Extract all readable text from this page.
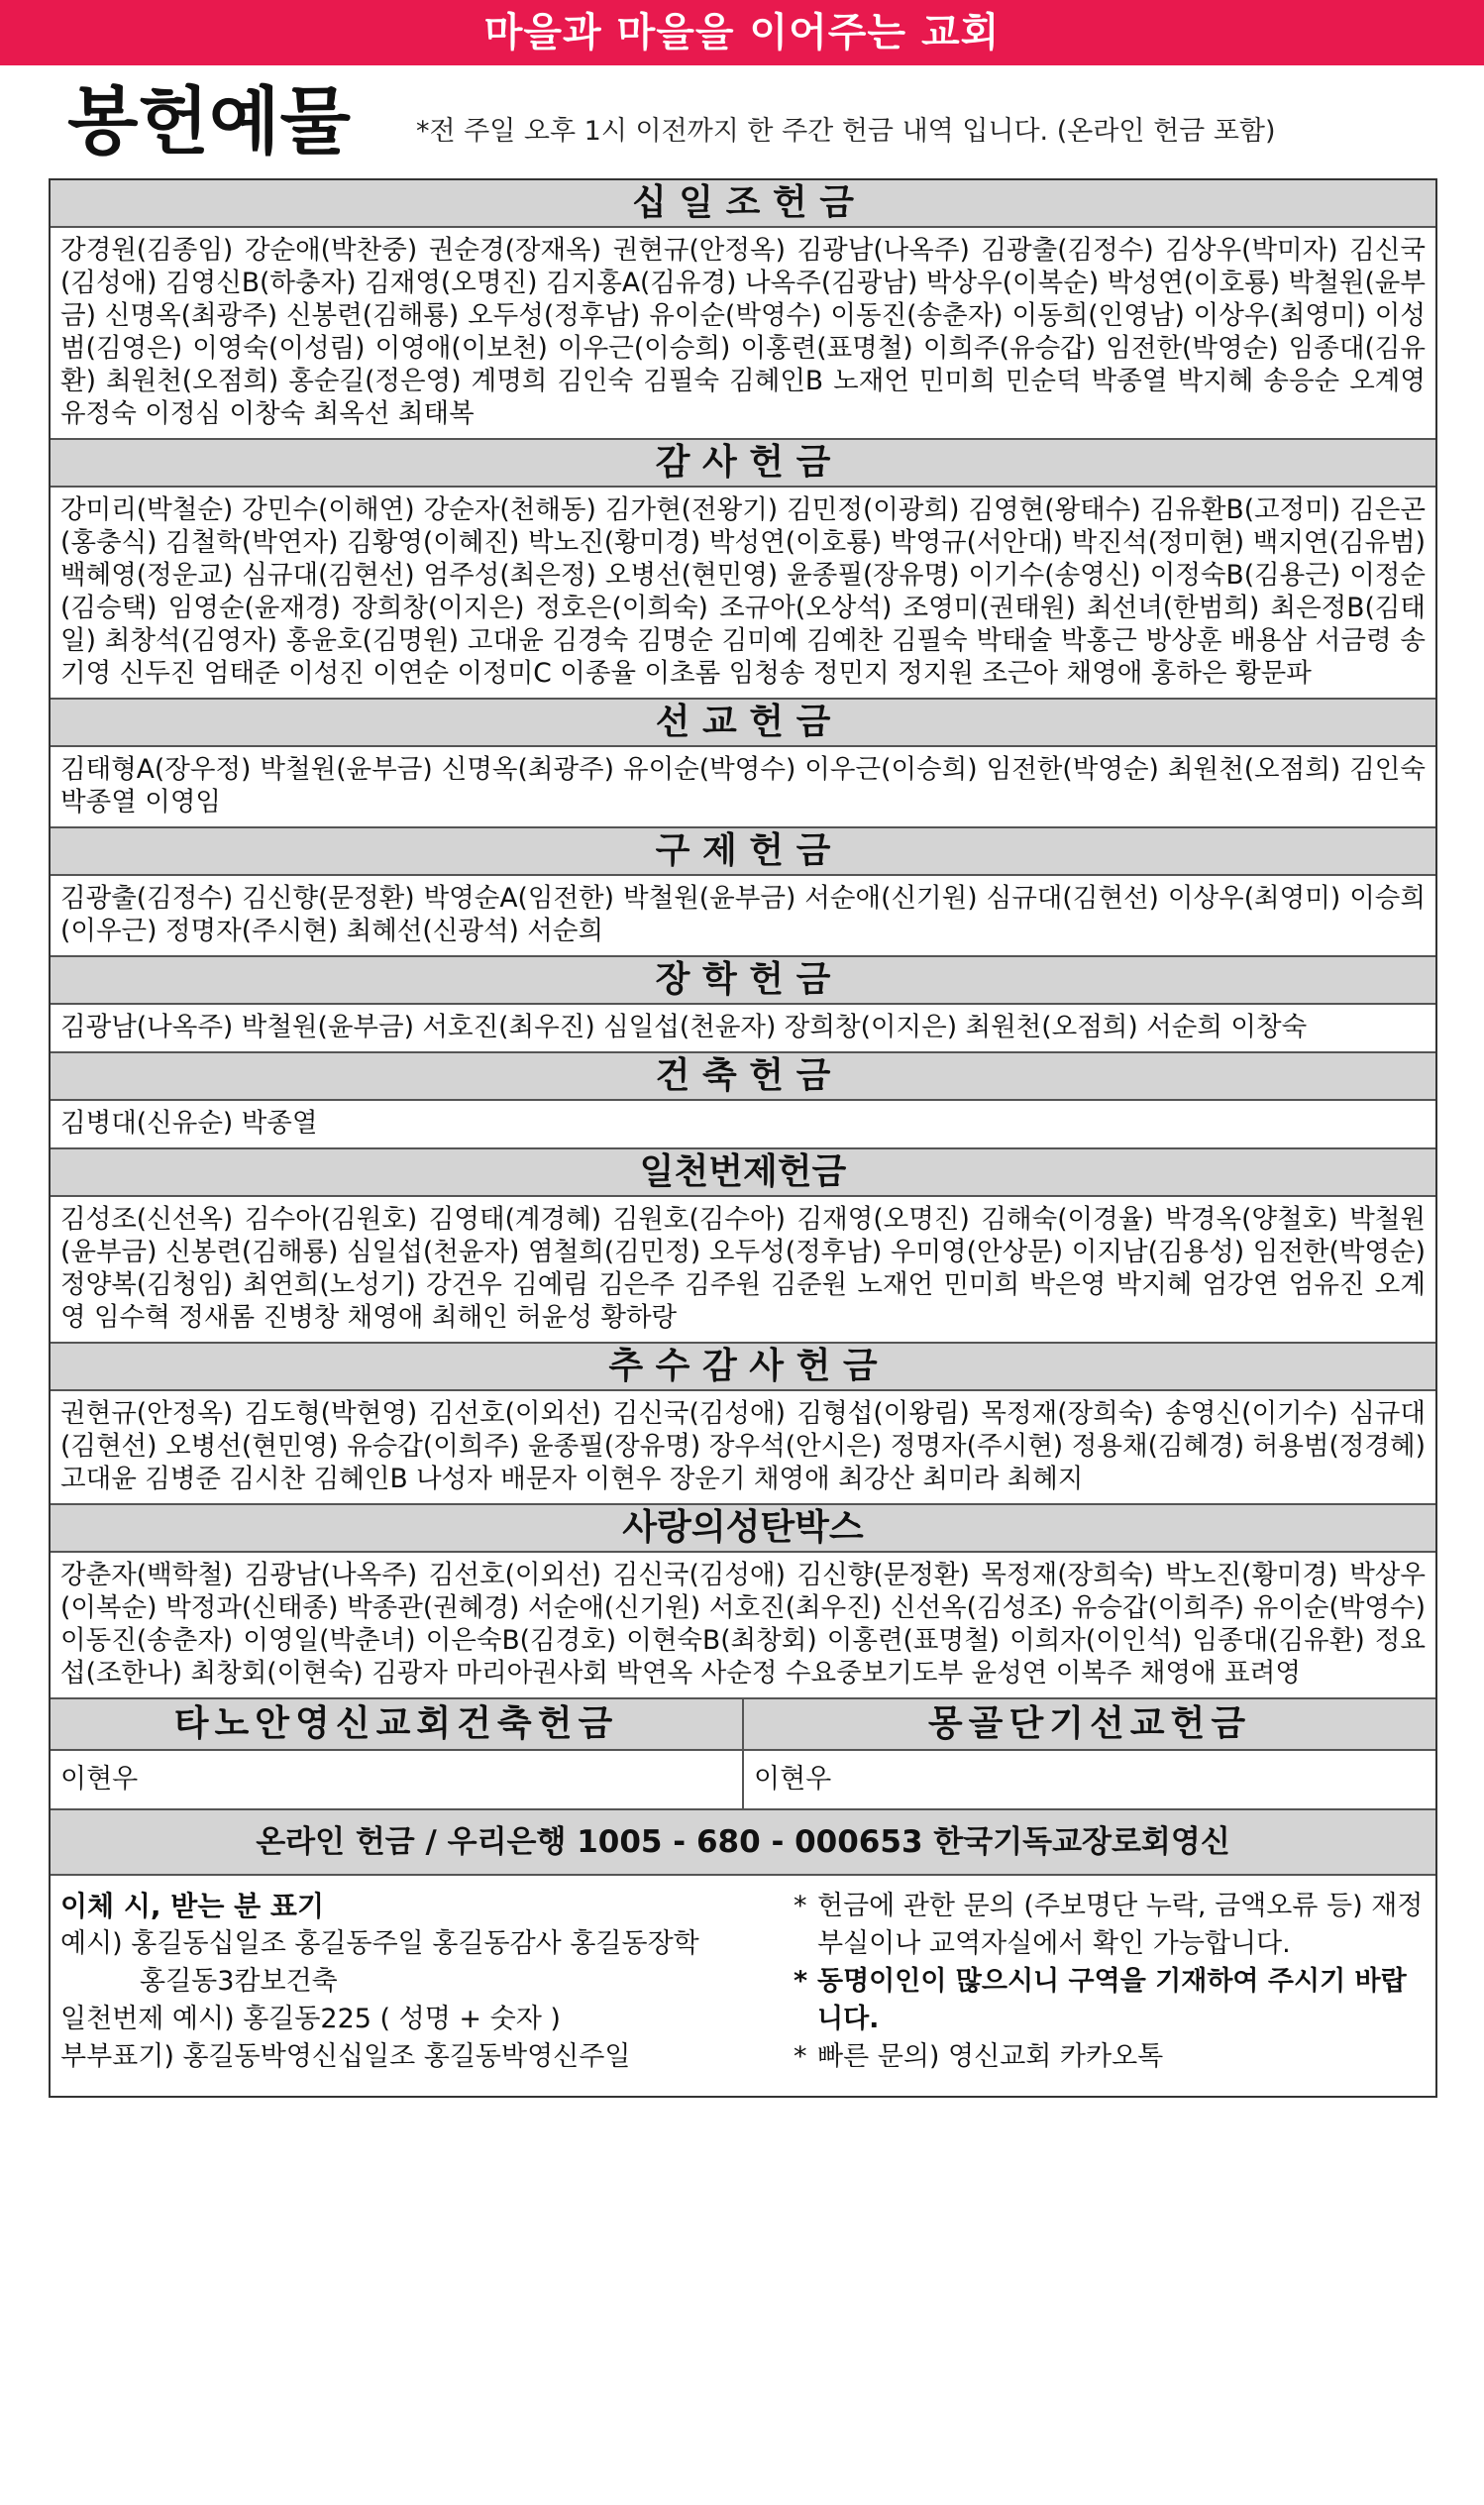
마을과 마을을 이어주는 교회
봉헌예물 *전 주일 오후 1시 이전까지 한 주간 헌금 내역 입니다. (온라인 헌금 포함)
십 일 조 헌 금
강경원(김종임) 강순애(박찬중) 권순경(장재옥) 권현규(안정옥) 김광남(나옥주) 김광출(김정수) 김상우(박미자) 김신국(김성애) 김영신B(하충자) 김재영(오명진) 김지홍A(김유경) 나옥주(김광남) 박상우(이복순) 박성연(이호룡) 박철원(윤부금) 신명옥(최광주) 신봉련(김해룡) 오두성(정후남) 유이순(박영수) 이동진(송춘자) 이동희(인영남) 이상우(최영미) 이성범(김영은) 이영숙(이성림) 이영애(이보천) 이우근(이승희) 이홍련(표명철) 이희주(유승갑) 임전한(박영순) 임종대(김유환) 최원천(오점희) 홍순길(정은영) 계명희 김인숙 김필숙 김혜인B 노재언 민미희 민순덕 박종열 박지혜 송응순 오계영 유정숙 이정심 이창숙 최옥선 최태복
감 사 헌 금
강미리(박철순) 강민수(이해연) 강순자(천해동) 김가현(전왕기) 김민정(이광희) 김영현(왕태수) 김유환B(고정미) 김은곤(홍충식) 김철학(박연자) 김황영(이혜진) 박노진(황미경) 박성연(이호룡) 박영규(서안대) 박진석(정미현) 백지연(김유범) 백혜영(정운교) 심규대(김현선) 엄주성(최은정) 오병선(현민영) 윤종필(장유명) 이기수(송영신) 이정숙B(김용근) 이정순(김승택) 임영순(윤재경) 장희창(이지은) 정호은(이희숙) 조규아(오상석) 조영미(권태원) 최선녀(한범희) 최은정B(김태일) 최창석(김영자) 홍윤호(김명원) 고대윤 김경숙 김명순 김미예 김예찬 김필숙 박태술 박홍근 방상훈 배용삼 서금령 송기영 신두진 엄태준 이성진 이연순 이정미C 이종율 이초롬 임청송 정민지 정지원 조근아 채영애 홍하은 황문파
선 교 헌 금
김태형A(장우정) 박철원(윤부금) 신명옥(최광주) 유이순(박영수) 이우근(이승희) 임전한(박영순) 최원천(오점희) 김인숙 박종열 이영임
구 제 헌 금
김광출(김정수) 김신향(문정환) 박영순A(임전한) 박철원(윤부금) 서순애(신기원) 심규대(김현선) 이상우(최영미) 이승희(이우근) 정명자(주시현) 최혜선(신광석) 서순희
장 학 헌 금
김광남(나옥주) 박철원(윤부금) 서호진(최우진) 심일섭(천윤자) 장희창(이지은) 최원천(오점희) 서순희 이창숙
건 축 헌 금
김병대(신유순) 박종열
일천번제헌금
김성조(신선옥) 김수아(김원호) 김영태(계경혜) 김원호(김수아) 김재영(오명진) 김해숙(이경율) 박경옥(양철호) 박철원(윤부금) 신봉련(김해룡) 심일섭(천윤자) 염철희(김민정) 오두성(정후남) 우미영(안상문) 이지남(김용성) 임전한(박영순) 정양복(김청임) 최연희(노성기) 강건우 김예림 김은주 김주원 김준원 노재언 민미희 박은영 박지혜 엄강연 엄유진 오계영 임수혁 정새롬 진병창 채영애 최해인 허윤성 황하랑
추 수 감 사 헌 금
권현규(안정옥) 김도형(박현영) 김선호(이외선) 김신국(김성애) 김형섭(이왕림) 목정재(장희숙) 송영신(이기수) 심규대(김현선) 오병선(현민영) 유승갑(이희주) 윤종필(장유명) 장우석(안시은) 정명자(주시현) 정용채(김혜경) 허용범(정경혜) 고대윤 김병준 김시찬 김혜인B 나성자 배문자 이현우 장운기 채영애 최강산 최미라 최혜지
사랑의성탄박스
강춘자(백학철) 김광남(나옥주) 김선호(이외선) 김신국(김성애) 김신향(문정환) 목정재(장희숙) 박노진(황미경) 박상우(이복순) 박정과(신태종) 박종관(권혜경) 서순애(신기원) 서호진(최우진) 신선옥(김성조) 유승갑(이희주) 유이순(박영수) 이동진(송춘자) 이영일(박춘녀) 이은숙B(김경호) 이현숙B(최창회) 이홍련(표명철) 이희자(이인석) 임종대(김유환) 정요섭(조한나) 최창회(이현숙) 김광자 마리아권사회 박연옥 사순정 수요중보기도부 윤성연 이복주 채영애 표려영
타노안영신교회건축헌금	몽골단기선교헌금
이현우	이현우
온라인 헌금 / 우리은행 1005 - 680 - 000653 한국기독교장로회영신
이체 시, 받는 분 표기
예시) 홍길동십일조 홍길동주일 홍길동감사 홍길동장학
홍길동3캄보건축
일천번제 예시) 홍길동225 ( 성명 + 숫자 )
부부표기) 홍길동박영신십일조 홍길동박영신주일
* 헌금에 관한 문의 (주보명단 누락, 금액오류 등) 재정부실이나 교역자실에서 확인 가능합니다.
* 동명이인이 많으시니 구역을 기재하여 주시기 바랍니다.
* 빠른 문의) 영신교회 카카오톡
